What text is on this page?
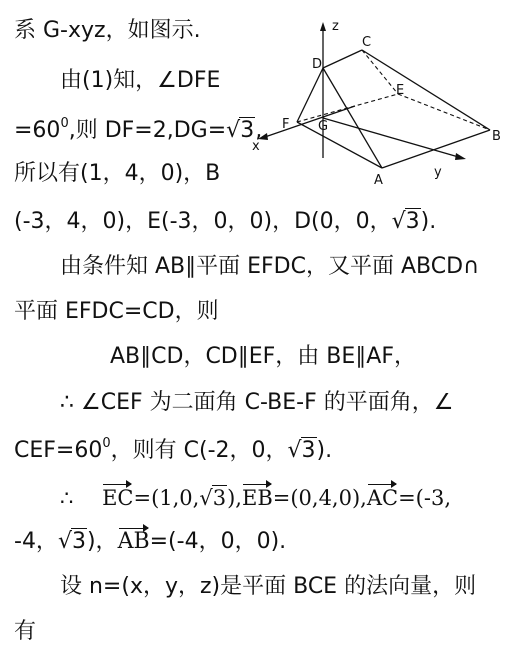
系 G-xyz，如图示.
由(1)知，∠DFE
$=60^0$,则 DF=2,DG=√3,
所以有(1，4，0)，B
(-3，4，0)，E(-3，0，0)，D(0，0，√3).
由条件知 AB∥平面 EFDC，又平面 ABCD∩
平面 EFDC=CD，则
AB∥CD，CD∥EF，由 BE∥AF，
∴ ∠CEF 为二面角 C-BE-F 的平面角，∠
$CEF=60^0$，则有 C(-2，0，√3).
∴ EC=(1,0,√3),EB=(0,4,0),AC=(-3,
-4，√3)，AB=(-4，0，0).
设 n=(x，y，z)是平面 BCE 的法向量，则
有
z
x
y
D
C
E
F G
B
A
